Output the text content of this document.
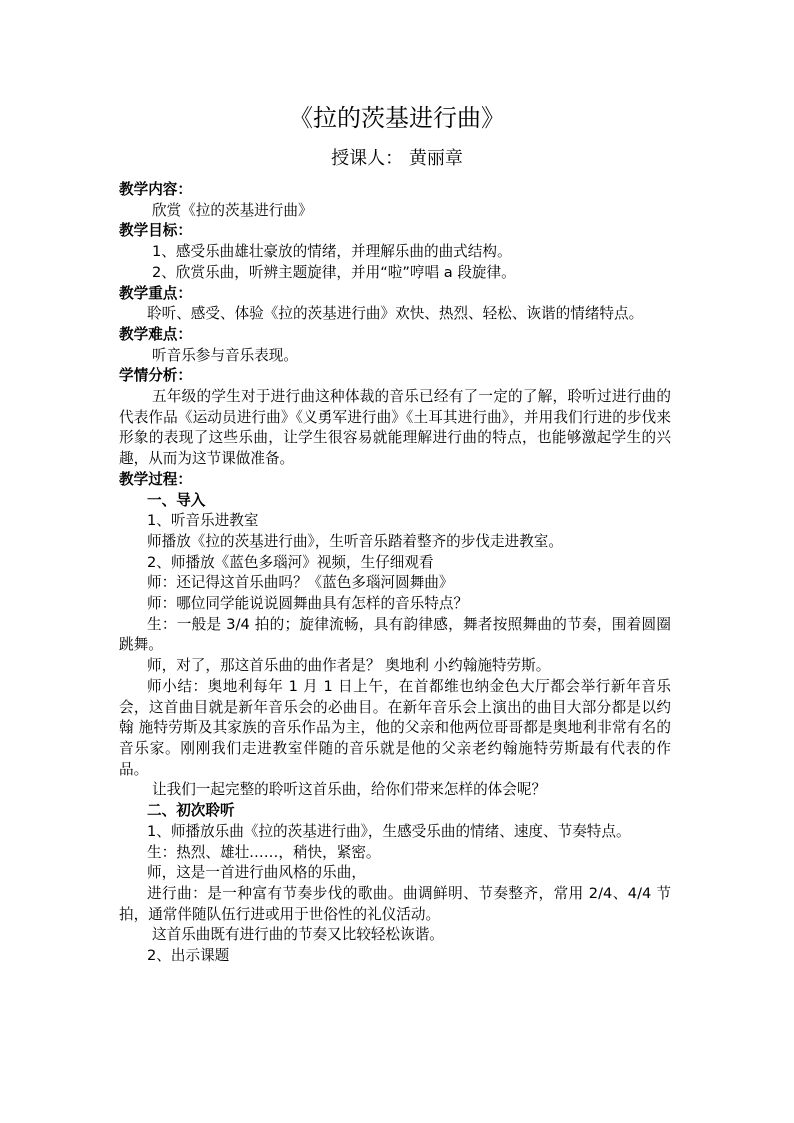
《拉的茨基进行曲》
授课人： 黄丽章

教学内容：

欣赏《拉的茨基进行曲》

教学目标：

1、感受乐曲雄壮豪放的情绪，并理解乐曲的曲式结构。

2、欣赏乐曲，听辨主题旋律，并用“啦”哼唱 a 段旋律。

教学重点：

聆听、感受、体验《拉的茨基进行曲》欢快、热烈、轻松、诙谐的情绪特点。

教学难点：

听音乐参与音乐表现。

学情分析：

五年级的学生对于进行曲这种体裁的音乐已经有了一定的了解，聆听过进行曲的代表作品《运动员进行曲》《义勇军进行曲》《土耳其进行曲》，并用我们行进的步伐来形象的表现了这些乐曲，让学生很容易就能理解进行曲的特点，也能够激起学生的兴趣，从而为这节课做准备。

教学过程：

一、导入

1、听音乐进教室

师播放《拉的茨基进行曲》，生听音乐踏着整齐的步伐走进教室。

2、师播放《蓝色多瑙河》视频，生仔细观看

师：还记得这首乐曲吗？《蓝色多瑙河圆舞曲》

师：哪位同学能说说圆舞曲具有怎样的音乐特点？

生：一般是 3/4 拍的；旋律流畅，具有韵律感，舞者按照舞曲的节奏，围着圆圈跳舞。

师，对了，那这首乐曲的曲作者是？ 奥地利 小约翰施特劳斯。

师小结：奥地利每年 1 月 1 日上午，在首都维也纳金色大厅都会举行新年音乐会，这首曲目就是新年音乐会的必曲目。在新年音乐会上演出的曲目大部分都是以约翰 施特劳斯及其家族的音乐作品为主，他的父亲和他两位哥哥都是奥地利非常有名的音乐家。刚刚我们走进教室伴随的音乐就是他的父亲老约翰施特劳斯最有代表的作品。

让我们一起完整的聆听这首乐曲，给你们带来怎样的体会呢？

二、初次聆听

1、师播放乐曲《拉的茨基进行曲》，生感受乐曲的情绪、速度、节奏特点。

生：热烈、雄壮……，稍快，紧密。

师，这是一首进行曲风格的乐曲，

进行曲：是一种富有节奏步伐的歌曲。曲调鲜明、节奏整齐，常用 2/4、4/4 节拍，通常伴随队伍行进或用于世俗性的礼仪活动。

这首乐曲既有进行曲的节奏又比较轻松诙谐。

2、出示课题
